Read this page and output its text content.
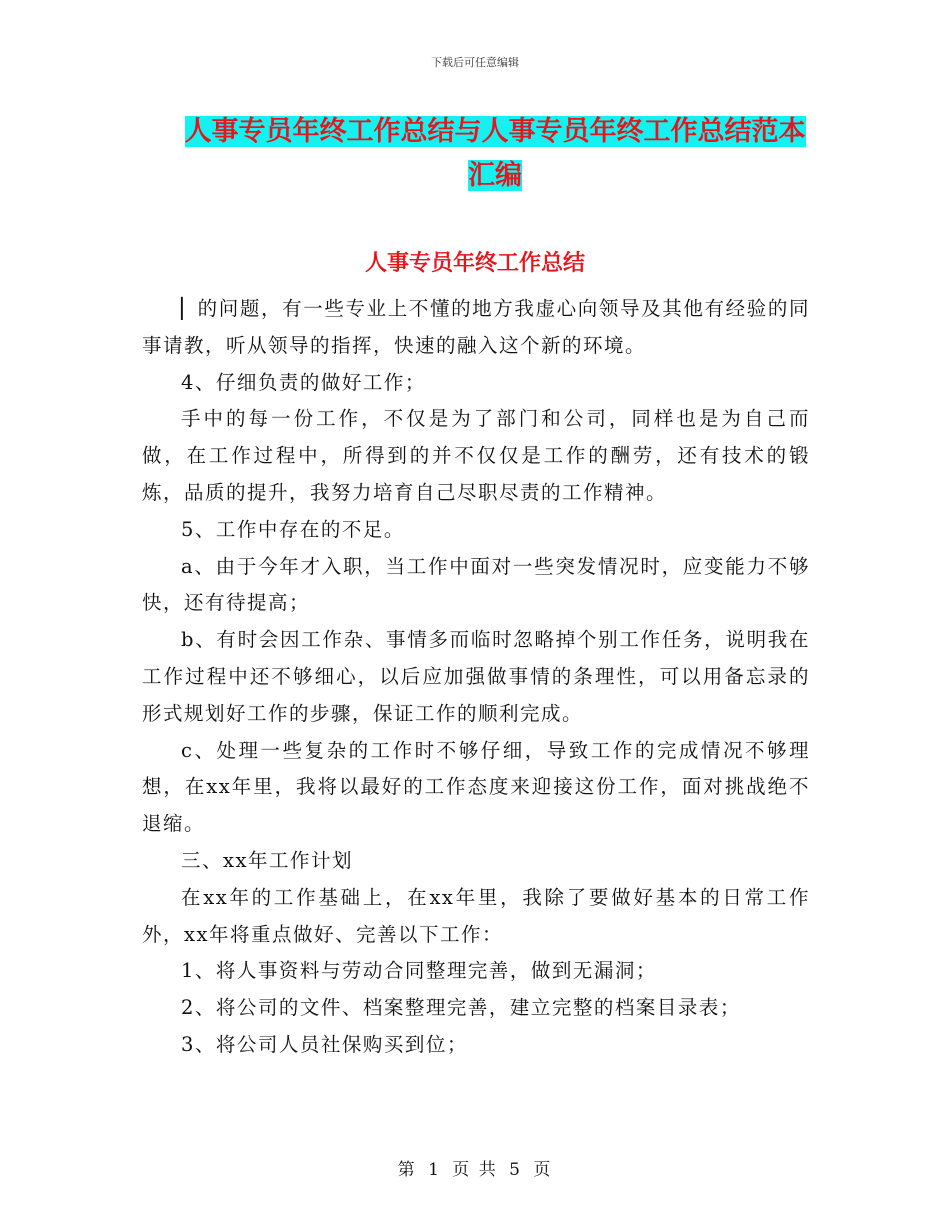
下载后可任意编辑
人事专员年终工作总结与人事专员年终工作总结范本
汇编
人事专员年终工作总结

▏的问题，有一些专业上不懂的地方我虚心向领导及其他有经验的同事请教，听从领导的指挥，快速的融入这个新的环境。

4、仔细负责的做好工作；

手中的每一份工作，不仅是为了部门和公司，同样也是为自己而做，在工作过程中，所得到的并不仅仅是工作的酬劳，还有技术的锻炼，品质的提升，我努力培育自己尽职尽责的工作精神。

5、工作中存在的不足。

a、由于今年才入职，当工作中面对一些突发情况时，应变能力不够快，还有待提高；

b、有时会因工作杂、事情多而临时忽略掉个别工作任务，说明我在工作过程中还不够细心，以后应加强做事情的条理性，可以用备忘录的形式规划好工作的步骤，保证工作的顺利完成。

c、处理一些复杂的工作时不够仔细，导致工作的完成情况不够理想，在xx年里，我将以最好的工作态度来迎接这份工作，面对挑战绝不退缩。

三、xx年工作计划

在xx年的工作基础上，在xx年里，我除了要做好基本的日常工作外，xx年将重点做好、完善以下工作：

1、将人事资料与劳动合同整理完善，做到无漏洞；

2、将公司的文件、档案整理完善，建立完整的档案目录表；

3、将公司人员社保购买到位；

第 1 页 共 5 页
